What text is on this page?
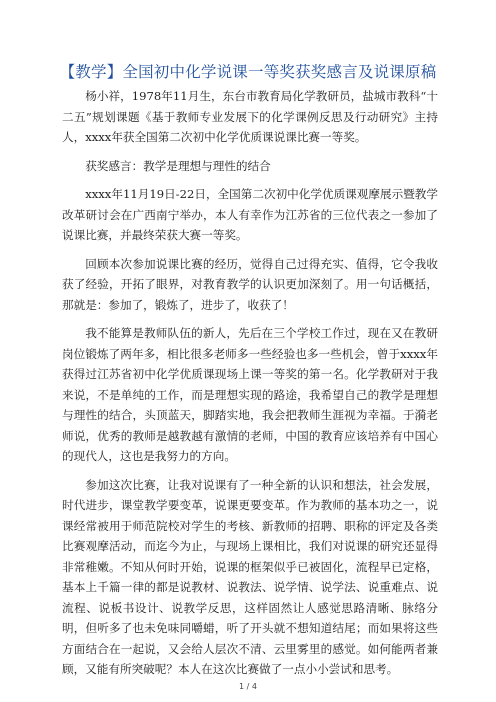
【教学】全国初中化学说课一等奖获奖感言及说课原稿

杨小祥，1978年11月生，东台市教育局化学教研员，盐城市教科“十二五”规划课题《基于教师专业发展下的化学课例反思及行动研究》主持人，xxxx年获全国第二次初中化学优质课说课比赛一等奖。

获奖感言：教学是理想与理性的结合

xxxx年11月19日-22日，全国第二次初中化学优质课观摩展示暨教学改革研讨会在广西南宁举办，本人有幸作为江苏省的三位代表之一参加了说课比赛，并最终荣获大赛一等奖。

回顾本次参加说课比赛的经历，觉得自己过得充实、值得，它令我收获了经验，开拓了眼界，对教育教学的认识更加深刻了。用一句话概括，那就是：参加了，锻炼了，进步了，收获了！

我不能算是教师队伍的新人，先后在三个学校工作过，现在又在教研岗位锻炼了两年多，相比很多老师多一些经验也多一些机会，曾于xxxx年获得过江苏省初中化学优质课现场上课一等奖的第一名。化学教研对于我来说，不是单纯的工作，而是理想实现的路途，我希望自己的教学是理想与理性的结合，头顶蓝天，脚踏实地，我会把教师生涯视为幸福。于漪老师说，优秀的教师是越教越有激情的老师，中国的教育应该培养有中国心的现代人，这也是我努力的方向。

参加这次比赛，让我对说课有了一种全新的认识和想法，社会发展，时代进步，课堂教学要变革，说课更要变革。作为教师的基本功之一，说课经常被用于师范院校对学生的考核、新教师的招聘、职称的评定及各类比赛观摩活动，而迄今为止，与现场上课相比，我们对说课的研究还显得非常稚嫩。不知从何时开始，说课的框架似乎已被固化，流程早已定格，基本上千篇一律的都是说教材、说教法、说学情、说学法、说重难点、说流程、说板书设计、说教学反思，这样固然让人感觉思路清晰、脉络分明，但听多了也未免味同嚼蜡，听了开头就不想知道结尾；而如果将这些方面结合在一起说，又会给人层次不清、云里雾里的感觉。如何能两者兼顾，又能有所突破呢？本人在这次比赛做了一点小小尝试和思考。

1 / 4
